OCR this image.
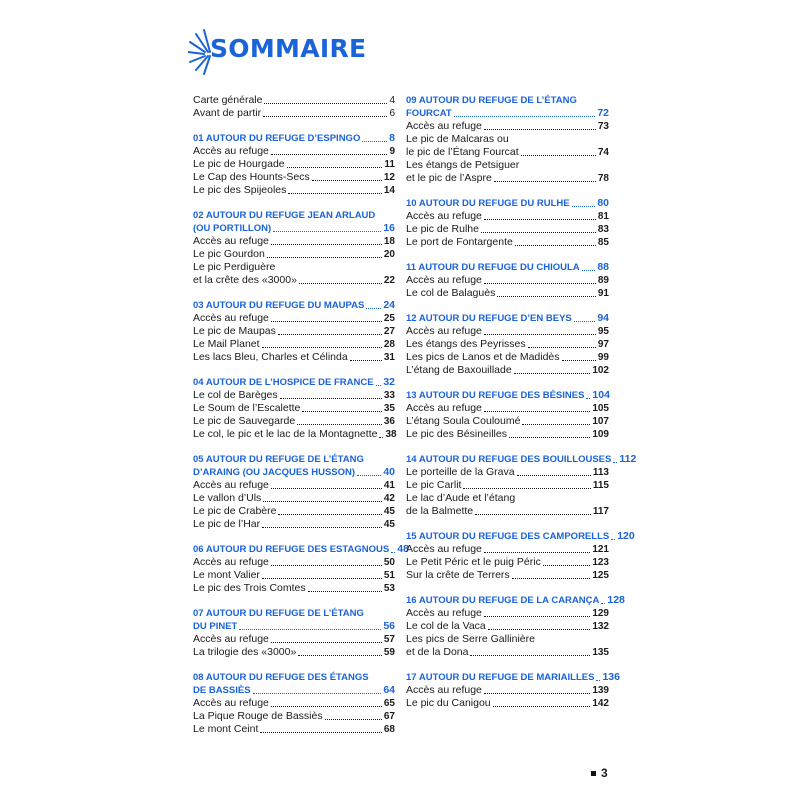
SOMMAIRE
Carte générale	4
Avant de partir	6
01 AUTOUR DU REFUGE D’ESPINGO	8
Accès au refuge	9
Le pic de Hourgade	11
Le Cap des Hounts-Secs	12
Le pic des Spijeoles	14
02 AUTOUR DU REFUGE JEAN ARLAUD
(OU PORTILLON)	16
Accès au refuge	18
Le pic Gourdon	20
Le pic Perdiguère
et la crête des «3000»	22
03 AUTOUR DU REFUGE DU MAUPAS 24
Accès au refuge	25
Le pic de Maupas	27
Le Mail Planet	28
Les lacs Bleu, Charles et Célinda	31
04 AUTOUR DE L’HOSPICE DE FRANCE 32
Le col de Barèges	33
Le Soum de l’Escalette	35
Le pic de Sauvegarde	36
Le col, le pic et le lac de la Montagnette 38
05 AUTOUR DU REFUGE DE L’ÉTANG
D’ARAING (OU JACQUES HUSSON)	40
Accès au refuge	41
Le vallon d’Uls	42
Le pic de Crabère	45
Le pic de l’Har	45
06 AUTOUR DU REFUGE DES ESTAGNOUS 48
Accès au refuge	50
Le mont Valier	51
Le pic des Trois Comtes	53
07 AUTOUR DU REFUGE DE L’ÉTANG
DU PINET	56
Accès au refuge	57
La trilogie des «3000»	59
08 AUTOUR DU REFUGE DES ÉTANGS
DE BASSIÈS	64
Accès au refuge	65
La Pique Rouge de Bassiès	67
Le mont Ceint	68
09 AUTOUR DU REFUGE DE L’ÉTANG
FOURCAT	72
Accès au refuge	73
Le pic de Malcaras ou
le pic de l’Étang Fourcat	74
Les étangs de Petsiguer
et le pic de l’Aspre	78
10 AUTOUR DU REFUGE DU RULHE	80
Accès au refuge	81
Le pic de Rulhe	83
Le port de Fontargente	85
11 AUTOUR DU REFUGE DU CHIOULA 88
Accès au refuge	89
Le col de Balaguès	91
12 AUTOUR DU REFUGE D’EN BEYS 94
Accès au refuge	95
Les étangs des Peyrisses	97
Les pics de Lanos et de Madidès	99
L’étang de Baxouillade	102
13 AUTOUR DU REFUGE DES BÉSINES 104
Accès au refuge	105
L’étang Soula Couloumé	107
Le pic des Bésineilles	109
14 AUTOUR DU REFUGE DES BOUILLOUSES 112
Le porteille de la Grava	113
Le pic Carlit	115
Le lac d’Aude et l’étang
de la Balmette	117
15 AUTOUR DU REFUGE DES CAMPORELLS 120
Accès au refuge	121
Le Petit Péric et le puig Péric	123
Sur la crête de Terrers	125
16 AUTOUR DU REFUGE DE LA CARANÇA 128
Accès au refuge	129
Le col de la Vaca	132
Les pics de Serre Gallinière
et de la Dona	135
17 AUTOUR DU REFUGE DE MARIAILLES 136
Accès au refuge	139
Le pic du Canigou	142
3
